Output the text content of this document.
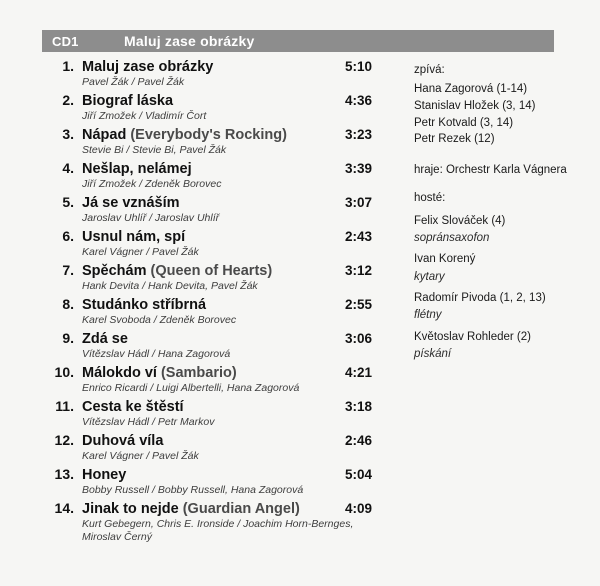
CD1	Maluj zase obrázky
1. Maluj zase obrázky	5:10
Pavel Žák / Pavel Žák
2. Biograf láska	4:36
Jiří Zmožek / Vladimír Čort
3. Nápad (Everybody's Rocking)	3:23
Stevie Bi / Stevie Bi, Pavel Žák
4. Nešlap, nelámej	3:39
Jiří Zmožek / Zdeněk Borovec
5. Já se vznáším	3:07
Jaroslav Uhlíř / Jaroslav Uhlíř
6. Usnul nám, spí	2:43
Karel Vágner / Pavel Žák
7. Spěchám (Queen of Hearts)	3:12
Hank Devita / Hank Devita, Pavel Žák
8. Studánko stříbrná	2:55
Karel Svoboda / Zdeněk Borovec
9. Zdá se	3:06
Vítězslav Hádl / Hana Zagorová
10. Málokdo ví (Sambario)	4:21
Enrico Ricardi / Luigi Albertelli, Hana Zagorová
11. Cesta ke štěstí	3:18
Vítězslav Hádl / Petr Markov
12. Duhová víla	2:46
Karel Vágner / Pavel Žák
13. Honey	5:04
Bobby Russell / Bobby Russell, Hana Zagorová
14. Jinak to nejde (Guardian Angel)	4:09
Kurt Gebegern, Chris E. Ironside / Joachim Horn-Bernges, Miroslav Černý
zpívá:
Hana Zagorová (1-14)
Stanislav Hložek (3, 14)
Petr Kotvald (3, 14)
Petr Rezek (12)
hraje: Orchestr Karla Vágnera
hosté:
Felix Slováček (4)
sopránsaxofon
Ivan Korený
kytary
Radomír Pivoda (1, 2, 13)
flétny
Květoslav Rohleder (2)
pískání
